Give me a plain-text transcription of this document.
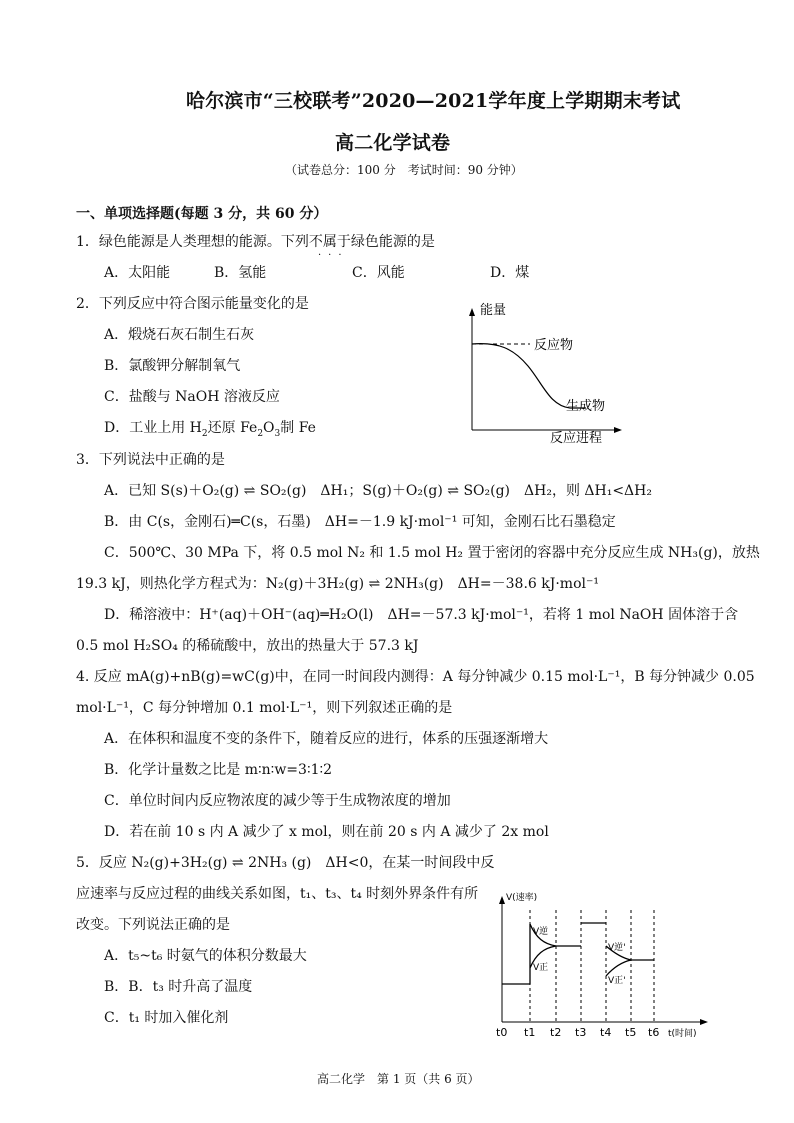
哈尔滨市“三校联考”2020—2021学年度上学期期末考试
高二化学试卷
（试卷总分：100 分　考试时间：90 分钟）
一、单项选择题(每题 3 分，共 60 分）
1．绿色能源是人类理想的能源。下列不属于绿色能源的是
···
A．太阳能	B．氢能	C．风能	D．煤
2．下列反应中符合图示能量变化的是
A．煅烧石灰石制生石灰
B．氯酸钾分解制氧气
C．盐酸与 NaOH 溶液反应
D．工业上用 $H_2$还原 $Fe_2O_3$制 Fe
能量
反应物
生成物
反应进程
3．下列说法中正确的是
A．已知 S(s)＋O₂(g) ⇌ SO₂(g)　ΔH₁；S(g)＋O₂(g) ⇌ SO₂(g)　ΔH₂，则 ΔH₁<ΔH₂
B．由 C(s，金刚石)═C(s，石墨)　ΔH=－1.9 kJ·mol⁻¹ 可知，金刚石比石墨稳定
C．500℃、30 MPa 下，将 0.5 mol N₂ 和 1.5 mol H₂ 置于密闭的容器中充分反应生成 NH₃(g)，放热
19.3 kJ，则热化学方程式为：N₂(g)＋3H₂(g) ⇌ 2NH₃(g)　ΔH=－38.6 kJ·mol⁻¹
D．稀溶液中：H⁺(aq)＋OH⁻(aq)═H₂O(l)　ΔH=－57.3 kJ·mol⁻¹，若将 1 mol NaOH 固体溶于含
0.5 mol H₂SO₄ 的稀硫酸中，放出的热量大于 57.3 kJ
4. 反应 mA(g)+nB(g)=wC(g)中，在同一时间段内测得：A 每分钟减少 0.15 mol·L⁻¹，B 每分钟减少 0.05
mol·L⁻¹，C 每分钟增加 0.1 mol·L⁻¹，则下列叙述正确的是
A．在体积和温度不变的条件下，随着反应的进行，体系的压强逐渐增大
B．化学计量数之比是 m∶n∶w=3∶1∶2
C．单位时间内反应物浓度的减少等于生成物浓度的增加
D．若在前 10 s 内 A 减少了 x mol，则在前 20 s 内 A 减少了 2x mol
5．反应 N₂(g)+3H₂(g) ⇌ 2NH₃ (g)　ΔH<0，在某一时间段中反
应速率与反应过程的曲线关系如图，t₁、t₃、t₄ 时刻外界条件有所
改变。下列说法正确的是
A．t₅~t₆ 时氨气的体积分数最大
B．B．t₃ 时升高了温度
C．t₁ 时加入催化剂
V(速率)
V逆
V正
V逆'
V正'
t0 t1 t2 t3 t4 t5 t6 t(时间)
高二化学　第 1 页（共 6 页）
